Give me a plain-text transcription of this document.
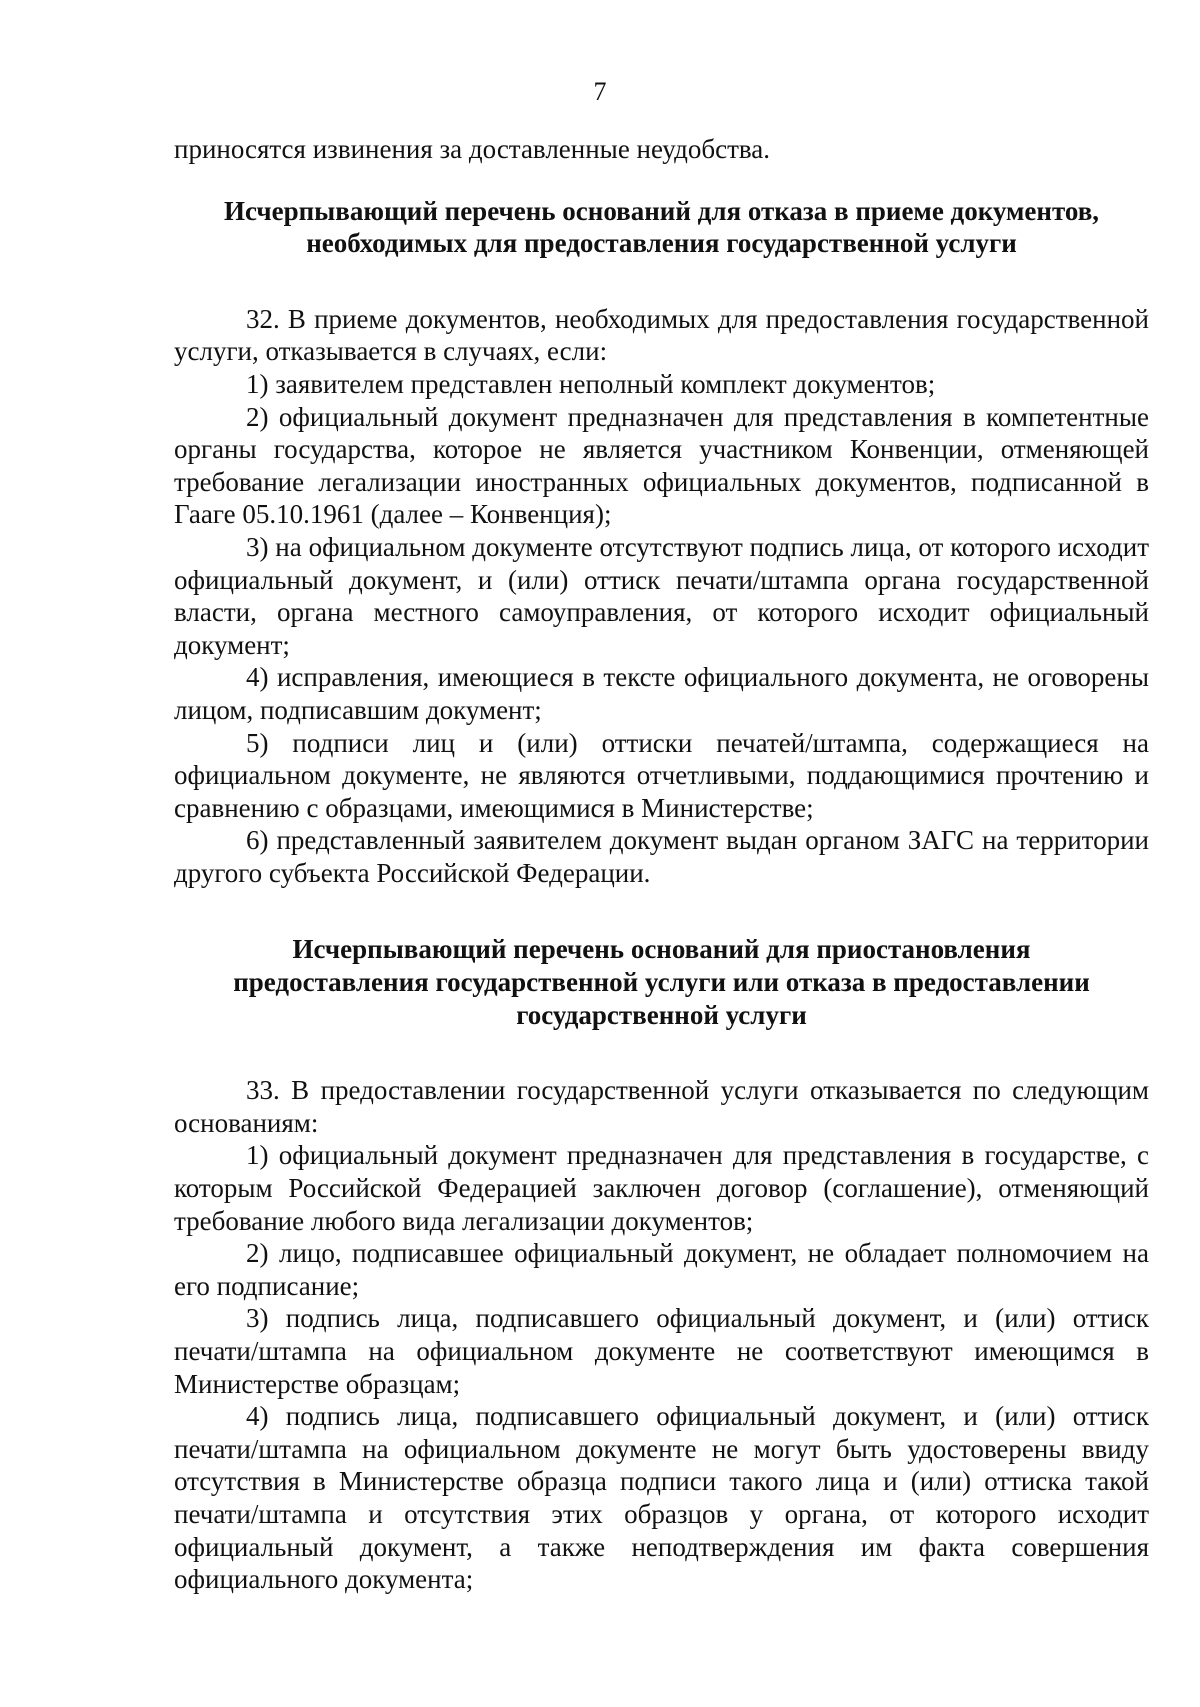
7

приносятся извинения за доставленные неудобства.

Исчерпывающий перечень оснований для отказа в приеме документов,
необходимых для предоставления государственной услуги

32. В приеме документов, необходимых для предоставления государственной услуги, отказывается в случаях, если:

1) заявителем представлен неполный комплект документов;

2) официальный документ предназначен для представления в компетентные органы государства, которое не является участником Конвенции, отменяющей требование легализации иностранных официальных документов, подписанной в Гааге 05.10.1961 (далее – Конвенция);

3) на официальном документе отсутствуют подпись лица, от которого исходит официальный документ, и (или) оттиск печати/штампа органа государственной власти, органа местного самоуправления, от которого исходит официальный документ;

4) исправления, имеющиеся в тексте официального документа, не оговорены лицом, подписавшим документ;

5) подписи лиц и (или) оттиски печатей/штампа, содержащиеся на официальном документе, не являются отчетливыми, поддающимися прочтению и сравнению с образцами, имеющимися в Министерстве;

6) представленный заявителем документ выдан органом ЗАГС на территории другого субъекта Российской Федерации.

Исчерпывающий перечень оснований для приостановления
предоставления государственной услуги или отказа в предоставлении
государственной услуги

33. В предоставлении государственной услуги отказывается по следующим основаниям:

1) официальный документ предназначен для представления в государстве, с которым Российской Федерацией заключен договор (соглашение), отменяющий требование любого вида легализации документов;

2) лицо, подписавшее официальный документ, не обладает полномочием на его подписание;

3) подпись лица, подписавшего официальный документ, и (или) оттиск печати/штампа на официальном документе не соответствуют имеющимся в Министерстве образцам;

4) подпись лица, подписавшего официальный документ, и (или) оттиск печати/штампа на официальном документе не могут быть удостоверены ввиду отсутствия в Министерстве образца подписи такого лица и (или) оттиска такой печати/штампа и отсутствия этих образцов у органа, от которого исходит официальный документ, а также неподтверждения им факта совершения официального документа;
